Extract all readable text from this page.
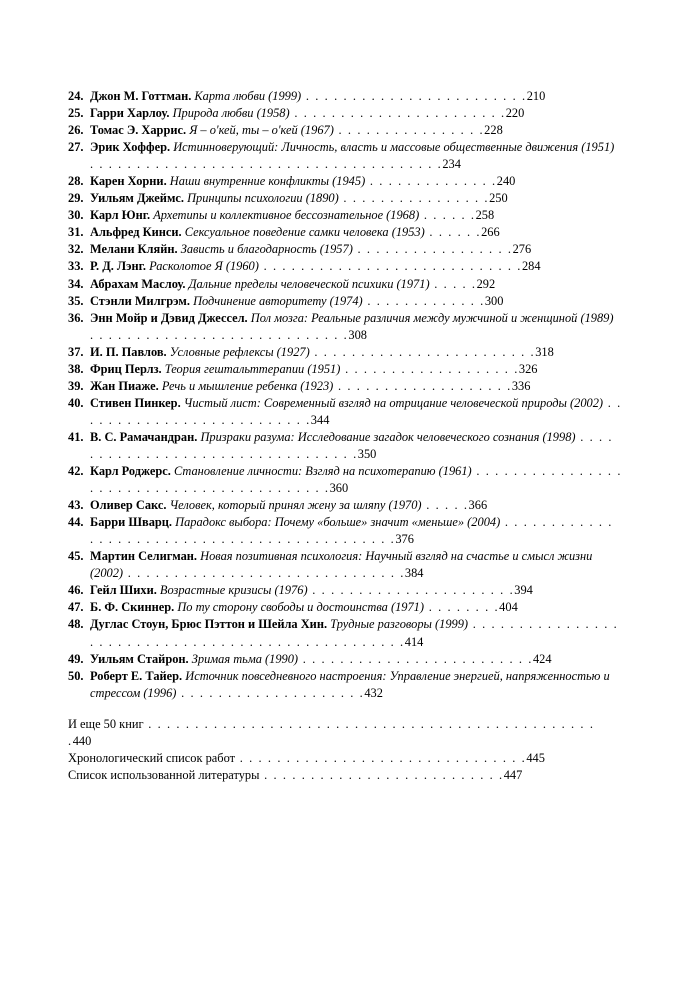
24. Джон М. Готтман. Карта любви (1999) . . . . . . . . . . . . . . . . . . . . . . . .210
25. Гарри Харлоу. Природа любви (1958) . . . . . . . . . . . . . . . . . . . . . . .220
26. Томас Э. Харрис. Я – о'кей, ты – о'кей (1967) . . . . . . . . . . . . . . . .228
27. Эрик Хоффер. Истинноверующий: Личность, власть и массовые общественные движения (1951) . . . . . . . . . . . . . . . . . . . . . . . . . . . . . . . . . . . . . .234
28. Карен Хорни. Наши внутренние конфликты (1945) . . . . . . . . . . . . . .240
29. Уильям Джеймс. Принципы психологии (1890) . . . . . . . . . . . . . . . .250
30. Карл Юнг. Архетипы и коллективное бессознательное (1968) . . . . . .258
31. Альфред Кинси. Сексуальное поведение самки человека (1953) . . . . . .266
32. Мелани Кляйн. Зависть и благодарность (1957) . . . . . . . . . . . . . . . . .276
33. Р. Д. Лэнг. Расколотое Я (1960) . . . . . . . . . . . . . . . . . . . . . . . . . . . .284
34. Абрахам Маслоу. Дальние пределы человеческой психики (1971) . . . . .292
35. Стэнли Милгрэм. Подчинение авторитету (1974) . . . . . . . . . . . . .300
36. Энн Мойр и Дэвид Джессел. Пол мозга: Реальные различия между мужчиной и женщиной (1989) . . . . . . . . . . . . . . . . . . . . . . . . . . . .308
37. И. П. Павлов. Условные рефлексы (1927) . . . . . . . . . . . . . . . . . . . . . . . .318
38. Фриц Перлз. Теория гештальттерапии (1951) . . . . . . . . . . . . . . . . . . .326
39. Жан Пиаже. Речь и мышление ребенка (1923) . . . . . . . . . . . . . . . . . . .336
40. Стивен Пинкер. Чистый лист: Современный взгляд на отрицание человеческой природы (2002) . . . . . . . . . . . . . . . . . . . . . . . . . .344
41. В. С. Рамачандран. Призраки разума: Исследование загадок человеческого сознания (1998) . . . . . . . . . . . . . . . . . . . . . . . . . . . . . . . . .350
42. Карл Роджерс. Становление личности: Взгляд на психотерапию (1961) . . . . . . . . . . . . . . . . . . . . . . . . . . . . . . . . . . . . . . . . . .360
43. Оливер Сакс. Человек, который принял жену за шляпу (1970) . . . . .366
44. Барри Шварц. Парадокс выбора: Почему «больше» значит «меньше» (2004) . . . . . . . . . . . . . . . . . . . . . . . . . . . . . . . . . . . . . . . . . . . . .376
45. Мартин Селигман. Новая позитивная психология: Научный взгляд на счастье и смысл жизни (2002) . . . . . . . . . . . . . . . . . . . . . . . . . . . . . .384
46. Гейл Шихи. Возрастные кризисы (1976) . . . . . . . . . . . . . . . . . . . . . .394
47. Б. Ф. Скиннер. По ту сторону свободы и достоинства (1971) . . . . . . . .404
48. Дуглас Стоун, Брюс Пэттон и Шейла Хин. Трудные разговоры (1999) . . . . . . . . . . . . . . . . . . . . . . . . . . . . . . . . . . . . . . . . . . . . . . . . . .414
49. Уильям Стайрон. Зримая тьма (1990) . . . . . . . . . . . . . . . . . . . . . . . . .424
50. Роберт Е. Тайер. Источник повседневного настроения: Управление энергией, напряженностью и стрессом (1996) . . . . . . . . . . . . . . . . . . . .432
И еще 50 книг . . . . . . . . . . . . . . . . . . . . . . . . . . . . . . . . . . . . . . . . . . . . . . . . .440
Хронологический список работ . . . . . . . . . . . . . . . . . . . . . . . . . . . . . . .445
Список использованной литературы . . . . . . . . . . . . . . . . . . . . . . . . . .447
